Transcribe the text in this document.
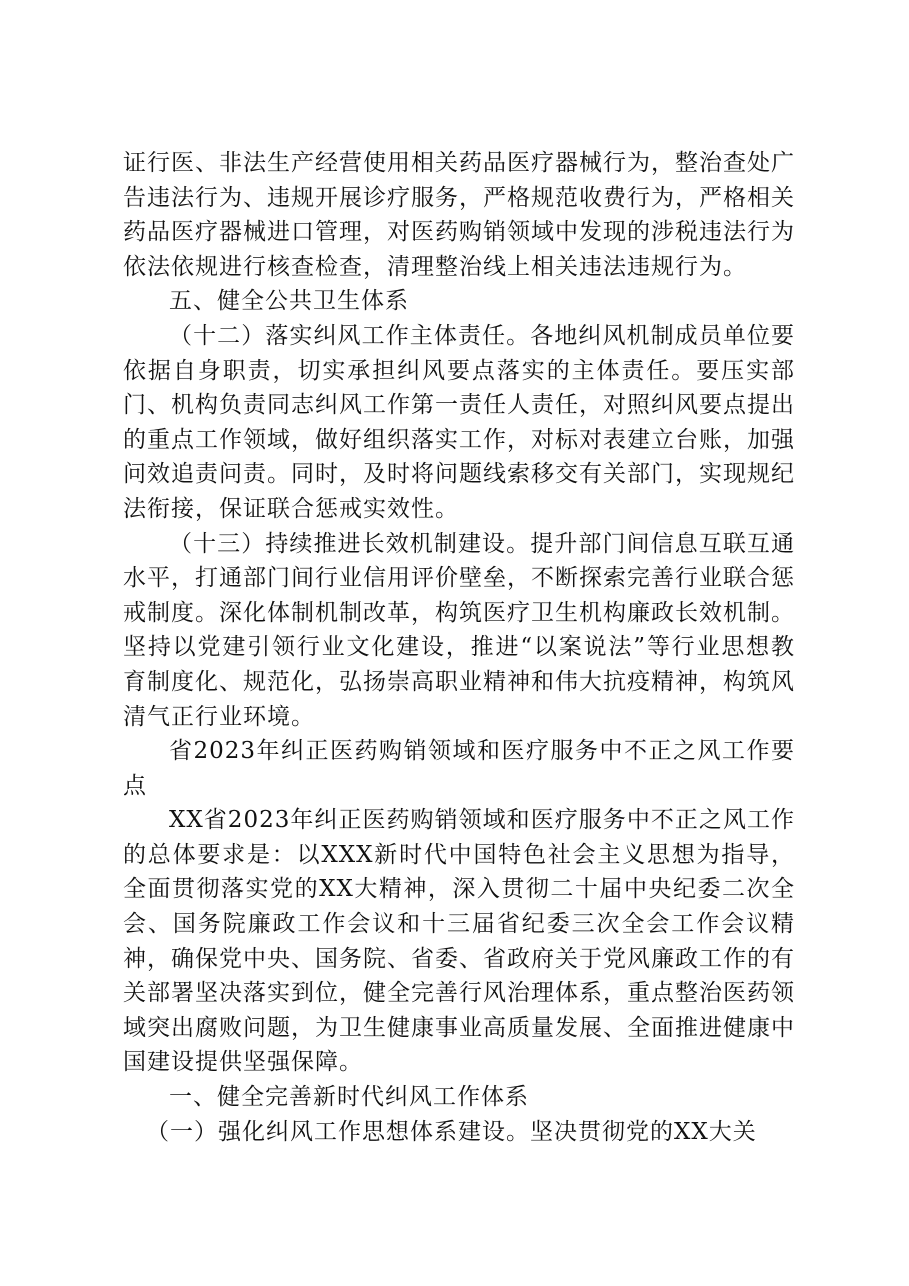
证行医、非法生产经营使用相关药品医疗器械行为，整治查处广告违法行为、违规开展诊疗服务，严格规范收费行为，严格相关药品医疗器械进口管理，对医药购销领域中发现的涉税违法行为依法依规进行核查检查，清理整治线上相关违法违规行为。

五、健全公共卫生体系

（十二）落实纠风工作主体责任。各地纠风机制成员单位要依据自身职责，切实承担纠风要点落实的主体责任。要压实部门、机构负责同志纠风工作第一责任人责任，对照纠风要点提出的重点工作领域，做好组织落实工作，对标对表建立台账，加强问效追责问责。同时，及时将问题线索移交有关部门，实现规纪法衔接，保证联合惩戒实效性。

（十三）持续推进长效机制建设。提升部门间信息互联互通水平，打通部门间行业信用评价壁垒，不断探索完善行业联合惩戒制度。深化体制机制改革，构筑医疗卫生机构廉政长效机制。坚持以党建引领行业文化建设，推进“以案说法”等行业思想教育制度化、规范化，弘扬崇高职业精神和伟大抗疫精神，构筑风清气正行业环境。

省2023年纠正医药购销领域和医疗服务中不正之风工作要点

XX省2023年纠正医药购销领域和医疗服务中不正之风工作的总体要求是：以XXX新时代中国特色社会主义思想为指导，全面贯彻落实党的XX大精神，深入贯彻二十届中央纪委二次全会、国务院廉政工作会议和十三届省纪委三次全会工作会议精神，确保党中央、国务院、省委、省政府关于党风廉政工作的有关部署坚决落实到位，健全完善行风治理体系，重点整治医药领域突出腐败问题，为卫生健康事业高质量发展、全面推进健康中国建设提供坚强保障。

一、健全完善新时代纠风工作体系

（一）强化纠风工作思想体系建设。坚决贯彻党的XX大关
